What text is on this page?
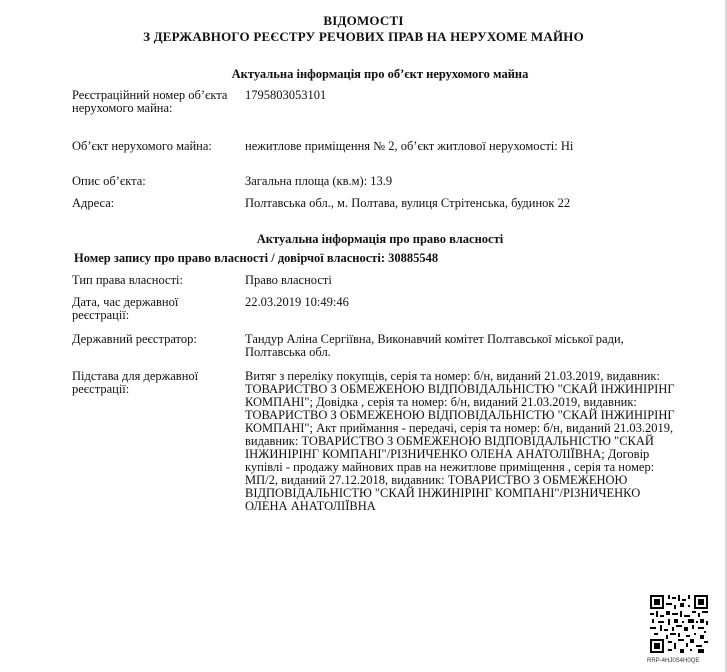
ВІДОМОСТІ
З ДЕРЖАВНОГО РЕЄСТРУ РЕЧОВИХ ПРАВ НА НЕРУХОМЕ МАЙНО
Актуальна інформація про об’єкт нерухомого майна
Реєстраційний номер об’єкта нерухомого майна:
1795803053101
Об’єкт нерухомого майна:	нежитлове приміщення № 2, об’єкт житлової нерухомості: Ні
Опис об’єкта:	Загальна площа (кв.м): 13.9
Адреса:	Полтавська обл., м. Полтава, вулиця Стрітенська, будинок 22
Актуальна інформація про право власності
Номер запису про право власності / довірчої власності: 30885548
Тип права власності:	Право власності
Дата, час державної реєстрації:
22.03.2019 10:49:46
Державний реєстратор:	Тандур Аліна Сергіївна, Виконавчий комітет Полтавської міської ради, Полтавська обл.
Підстава для державної реєстрації:
Витяг з переліку покупців, серія та номер: б/н, виданий 21.03.2019, видавник: ТОВАРИСТВО З ОБМЕЖЕНОЮ ВІДПОВІДАЛЬНІСТЮ "СКАЙ ІНЖИНІРІНГ КОМПАНІ"; Довідка , серія та номер: б/н, виданий 21.03.2019, видавник: ТОВАРИСТВО З ОБМЕЖЕНОЮ ВІДПОВІДАЛЬНІСТЮ "СКАЙ ІНЖИНІРІНГ КОМПАНІ"; Акт приймання - передачі, серія та номер: б/н, виданий 21.03.2019, видавник: ТОВАРИСТВО З ОБМЕЖЕНОЮ ВІДПОВІДАЛЬНІСТЮ "СКАЙ ІНЖИНІРІНГ КОМПАНІ"/РІЗНИЧЕНКО ОЛЕНА АНАТОЛІЇВНА; Договір купівлі - продажу майнових прав на нежитлове приміщення , серія та номер: МП/2, виданий 27.12.2018, видавник: ТОВАРИСТВО З ОБМЕЖЕНОЮ ВІДПОВІДАЛЬНІСТЮ "СКАЙ ІНЖИНІРІНГ КОМПАНІ"/РІЗНИЧЕНКО ОЛЕНА АНАТОЛІЇВНА
RRP-4HJ0S4H0QE
